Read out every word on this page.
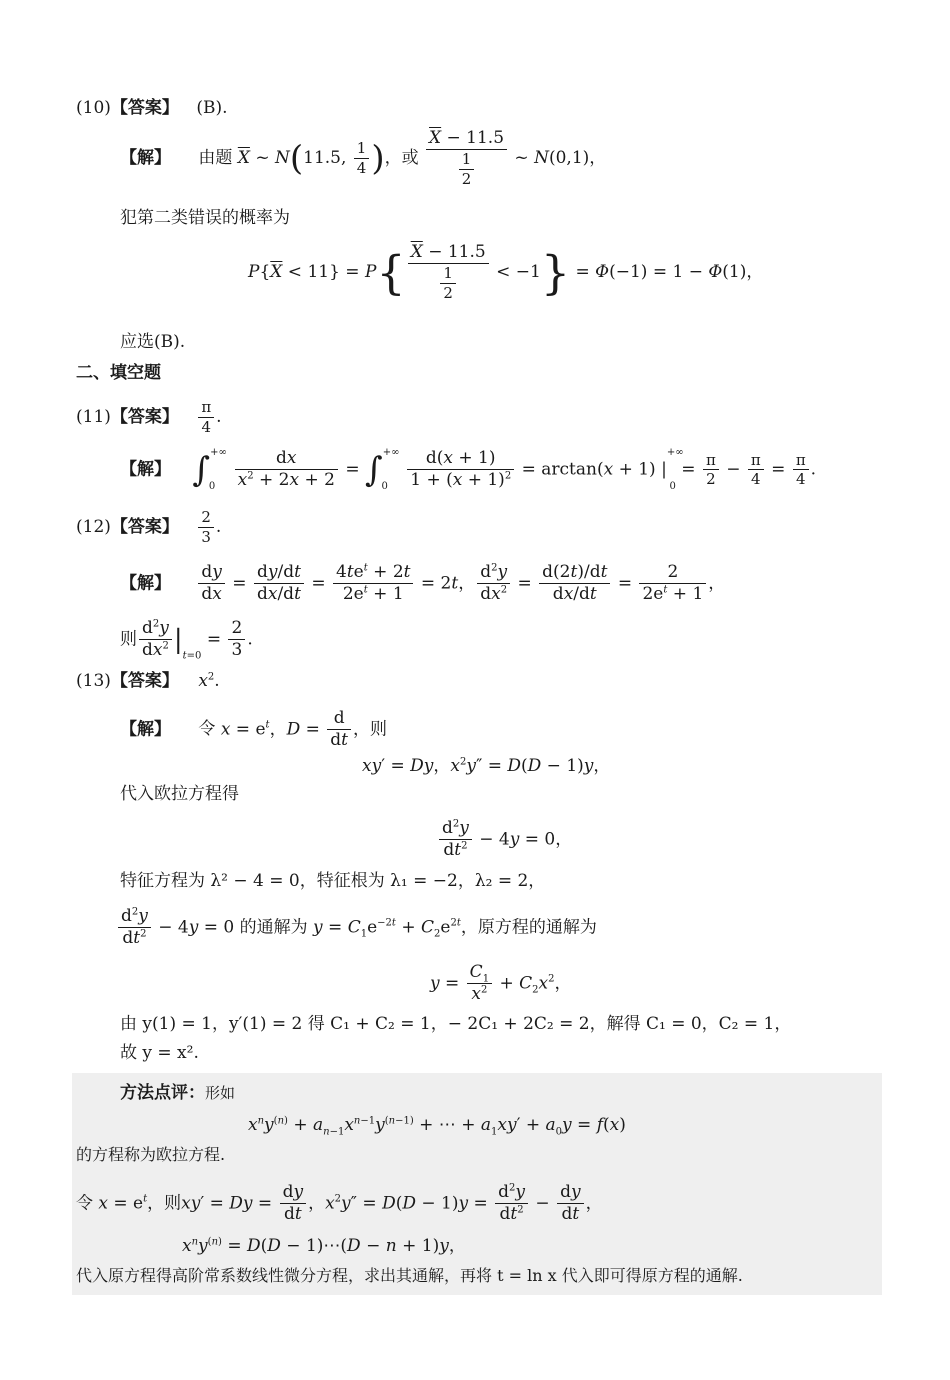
(10)【答案】 (B).
【解】 由题 $\overline{X}$ ~ N(11.5, $\frac{1}{4}$ )，或 $\frac{\overline{X} - 11.5}{\frac{1}{2}}$ ~ N(0,1)，
犯第二类错误的概率为
$P\{\overline{X} < 11\} = P\{ \frac{\overline{X} - 11.5}{\frac{1}{2}} < -1\} = \Phi(-1) = 1 - \Phi(1)$，
应选(B).
二、填空题
(11)【答案】 $\frac{\pi}{4}$ .
【解】 $\int^{+\infty}0 \frac{dx}{x^2 + 2x + 2} = \int^{+\infty}0 \frac{d(x + 1)}{1 + (x + 1)^2} = \arctan(x + 1) |^{+\infty}0 = \frac{\pi}{2} - \frac{\pi}{4} = \frac{\pi}{4}$ .
(12)【答案】 $\frac{2}{3}$ .
【解】 $\frac{dy}{dx} = \frac{dy/dt}{dx/dt} = \frac{4te^t + 2t}{2e^t + 1} = 2t$， $\frac{d^2y}{dx^2} = \frac{d(2t)/dt}{dx/dt} = \frac{2}{2e^t + 1}$ ，
则 $\frac{d^2y}{dx^2} |t=0 = \frac{2}{3}$ .
(13)【答案】 $x^2$.
【解】 令 $x = e^t$，$D = \frac{d}{dt}$ ，则
xy′ = Dy，$x^2y'' = D(D - 1)y$，
代入欧拉方程得
$\frac{d^2y}{dt^2} - 4y = 0$，
特征方程为 λ² − 4 = 0，特征根为 λ₁ = −2，λ₂ = 2，
$\frac{d^2y}{dt^2} - 4y = 0$ 的通解为 $y = C_1e^{-2t} + C_2e^{2t}$，原方程的通解为
$y = \frac{C_1}{x^2} + C_2x^2$，
由 y(1) = 1，y′(1) = 2 得 C₁ + C₂ = 1，− 2C₁ + 2C₂ = 2，解得 C₁ = 0，C₂ = 1，
故 y = x².
方法点评：形如
$x^ny^{(n)} + a_{n-1}x^{n-1}y^{(n-1)}$ + ⋯ + $a_1xy' + a_0y = f(x)$
的方程称为欧拉方程.
令 $x = e^t$，则$xy' = Dy = \frac{dy}{dt}$ ，$x^2y'' = D(D - 1)y = \frac{d^2y}{dt^2} - \frac{dy}{dt}$ ，
$x^ny^{(n)} = D(D$ − 1)⋯(D − n + 1)y，
代入原方程得高阶常系数线性微分方程，求出其通解，再将 t = ln x 代入即可得原方程的通解.
